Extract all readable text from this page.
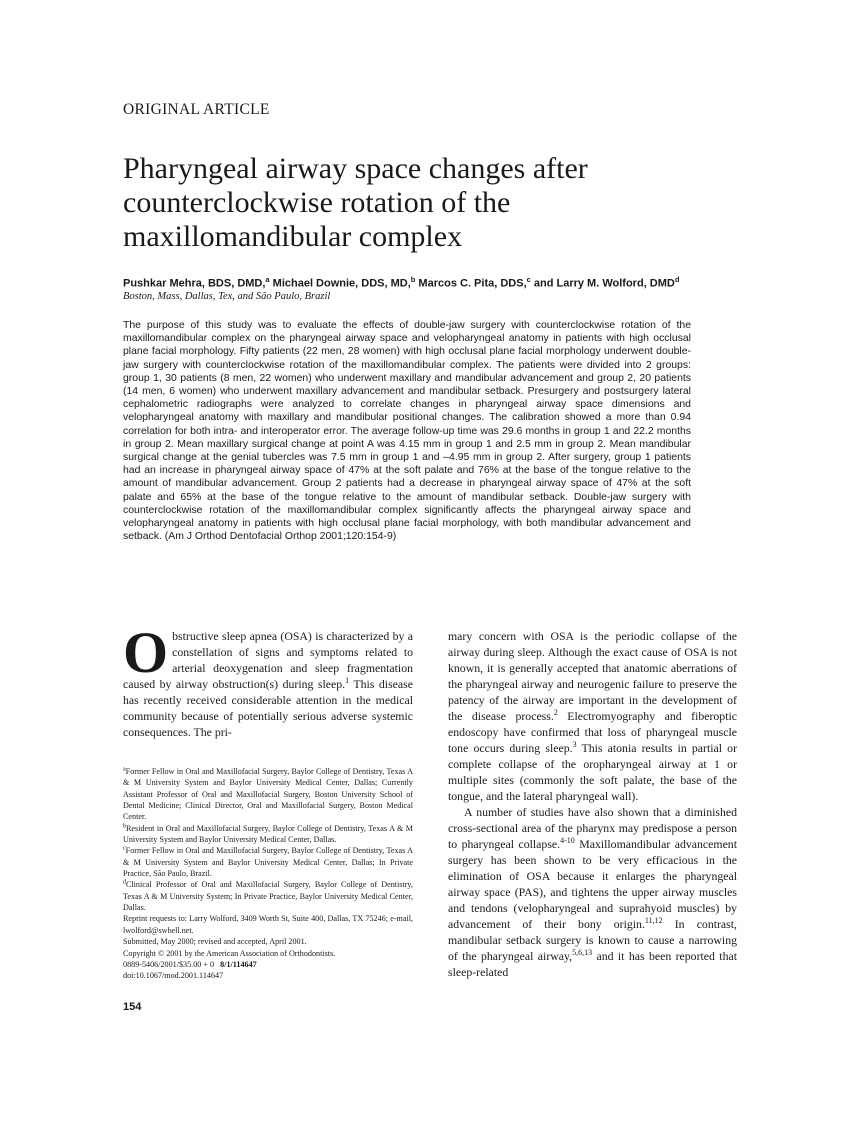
ORIGINAL ARTICLE
Pharyngeal airway space changes after
counterclockwise rotation of the
maxillomandibular complex
Pushkar Mehra, BDS, DMD,$^a$ Michael Downie, DDS, MD,$^b$ Marcos C. Pita, DDS,$^c$ and Larry M. Wolford, DMD$^d$
Boston, Mass, Dallas, Tex, and São Paulo, Brazil
The purpose of this study was to evaluate the effects of double-jaw surgery with counterclockwise rotation of the maxillomandibular complex on the pharyngeal airway space and velopharyngeal anatomy in patients with high occlusal plane facial morphology. Fifty patients (22 men, 28 women) with high occlusal plane facial morphology underwent double-jaw surgery with counterclockwise rotation of the maxillomandibular complex. The patients were divided into 2 groups: group 1, 30 patients (8 men, 22 women) who underwent maxillary and mandibular advancement and group 2, 20 patients (14 men, 6 women) who underwent maxillary advancement and mandibular setback. Presurgery and postsurgery lateral cephalometric radiographs were analyzed to correlate changes in pharyngeal airway space dimensions and velopharyngeal anatomy with maxillary and mandibular positional changes. The calibration showed a more than 0.94 correlation for both intra- and interoperator error. The average follow-up time was 29.6 months in group 1 and 22.2 months in group 2. Mean maxillary surgical change at point A was 4.15 mm in group 1 and 2.5 mm in group 2. Mean mandibular surgical change at the genial tubercles was 7.5 mm in group 1 and –4.95 mm in group 2. After surgery, group 1 patients had an increase in pharyngeal airway space of 47% at the soft palate and 76% at the base of the tongue relative to the amount of mandibular advancement. Group 2 patients had a decrease in pharyngeal airway space of 47% at the soft palate and 65% at the base of the tongue relative to the amount of mandibular setback. Double-jaw surgery with counterclockwise rotation of the maxillomandibular complex significantly affects the pharyngeal airway space and velopharyngeal anatomy in patients with high occlusal plane facial morphology, with both mandibular advancement and setback. (Am J Orthod Dentofacial Orthop 2001;120:154-9)

Obstructive sleep apnea (OSA) is characterized by a constellation of signs and symptoms related to arterial deoxygenation and sleep fragmentation caused by airway obstruction(s) during sleep.$^1$ This disease has recently received considerable attention in the medical community because of potentially serious adverse systemic consequences. The pri-

$^a$Former Fellow in Oral and Maxillofacial Surgery, Baylor College of Dentistry, Texas A & M University System and Baylor University Medical Center, Dallas; Currently Assistant Professor of Oral and Maxillofacial Surgery, Boston University School of Dental Medicine; Clinical Director, Oral and Maxillofacial Surgery, Boston Medical Center.
$^b$Resident in Oral and Maxillofacial Surgery, Baylor College of Dentistry, Texas A & M University System and Baylor University Medical Center, Dallas.
$^c$Former Fellow in Oral and Maxillofacial Surgery, Baylor College of Dentistry, Texas A & M University System and Baylor University Medical Center, Dallas; In Private Practice, São Paulo, Brazil.
$^d$Clinical Professor of Oral and Maxillofacial Surgery, Baylor College of Dentistry, Texas A & M University System; In Private Practice, Baylor University Medical Center, Dallas.
Reprint requests to: Larry Wolford, 3409 Worth St, Suite 400, Dallas, TX 75246; e-mail, lwolford@swbell.net.
Submitted, May 2000; revised and accepted, April 2001.
Copyright © 2001 by the American Association of Orthodontists.
0889-5406/2001/$35.00 + 0 8/1/114647
doi:10.1067/mod.2001.114647

mary concern with OSA is the periodic collapse of the airway during sleep. Although the exact cause of OSA is not known, it is generally accepted that anatomic aberrations of the pharyngeal airway and neurogenic failure to preserve the patency of the airway are important in the development of the disease process.$^2$ Electromyography and fiberoptic endoscopy have confirmed that loss of pharyngeal muscle tone occurs during sleep.$^3$ This atonia results in partial or complete collapse of the oropharyngeal airway at 1 or multiple sites (commonly the soft palate, the base of the tongue, and the lateral pharyngeal wall).

A number of studies have also shown that a diminished cross-sectional area of the pharynx may predispose a person to pharyngeal collapse.$^{4-10}$ Maxillomandibular advancement surgery has been shown to be very efficacious in the elimination of OSA because it enlarges the pharyngeal airway space (PAS), and tightens the upper airway muscles and tendons (velopharyngeal and suprahyoid muscles) by advancement of their bony origin.$^{11,12}$ In contrast, mandibular setback surgery is known to cause a narrowing of the pharyngeal airway,$^{5,6,13}$ and it has been reported that sleep-related

154
